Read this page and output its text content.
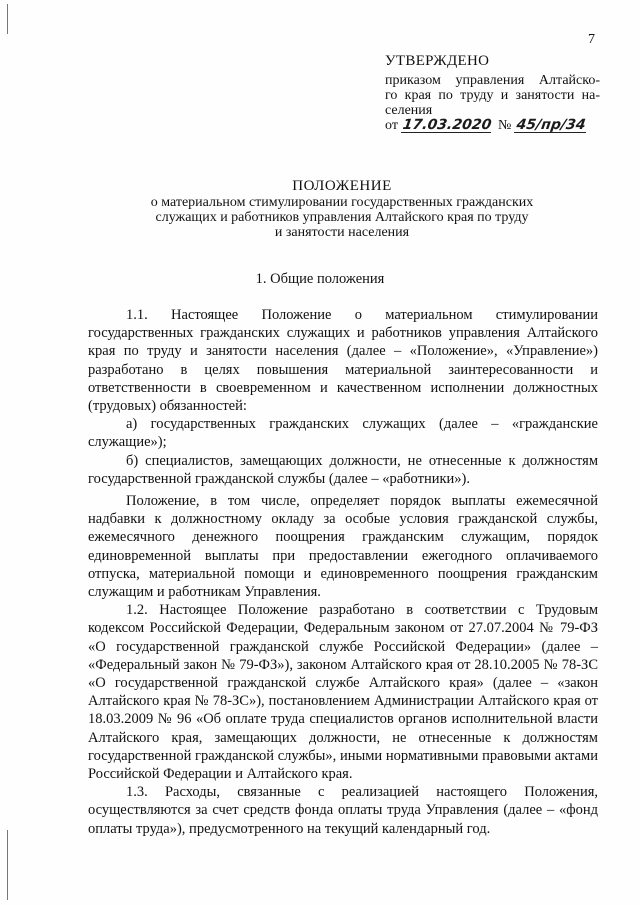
7
УТВЕРЖДЕНО
приказом управления Алтайско-
го края по труду и занятости на-
селения
от 17.03.2020 № 45/пр/34
ПОЛОЖЕНИЕ
о материальном стимулировании государственных гражданских
служащих и работников управления Алтайского края по труду
и занятости населения
1. Общие положения

1.1. Настоящее Положение о материальном стимулировании государственных гражданских служащих и работников управления Алтайского края по труду и занятости населения (далее – «Положение», «Управление») разработано в целях повышения материальной заинтересованности и ответственности в своевременном и качественном исполнении должностных (трудовых) обязанностей:

а) государственных гражданских служащих (далее – «гражданские служащие»);

б) специалистов, замещающих должности, не отнесенные к должностям государственной гражданской службы (далее – «работники»).

Положение, в том числе, определяет порядок выплаты ежемесячной надбавки к должностному окладу за особые условия гражданской службы, ежемесячного денежного поощрения гражданским служащим, порядок единовременной выплаты при предоставлении ежегодного оплачиваемого отпуска, материальной помощи и единовременного поощрения гражданским служащим и работникам Управления.

1.2. Настоящее Положение разработано в соответствии с Трудовым кодексом Российской Федерации, Федеральным законом от 27.07.2004 № 79-ФЗ «О государственной гражданской службе Российской Федерации» (далее – «Федеральный закон № 79-ФЗ»), законом Алтайского края от 28.10.2005 № 78-ЗС «О государственной гражданской службе Алтайского края» (далее – «закон Алтайского края № 78-ЗС»), постановлением Администрации Алтайского края от 18.03.2009 № 96 «Об оплате труда специалистов органов исполнительной власти Алтайского края, замещающих должности, не отнесенные к должностям государственной гражданской службы», иными нормативными правовыми актами Российской Федерации и Алтайского края.

1.3. Расходы, связанные с реализацией настоящего Положения, осуществляются за счет средств фонда оплаты труда Управления (далее – «фонд оплаты труда»), предусмотренного на текущий календарный год.
